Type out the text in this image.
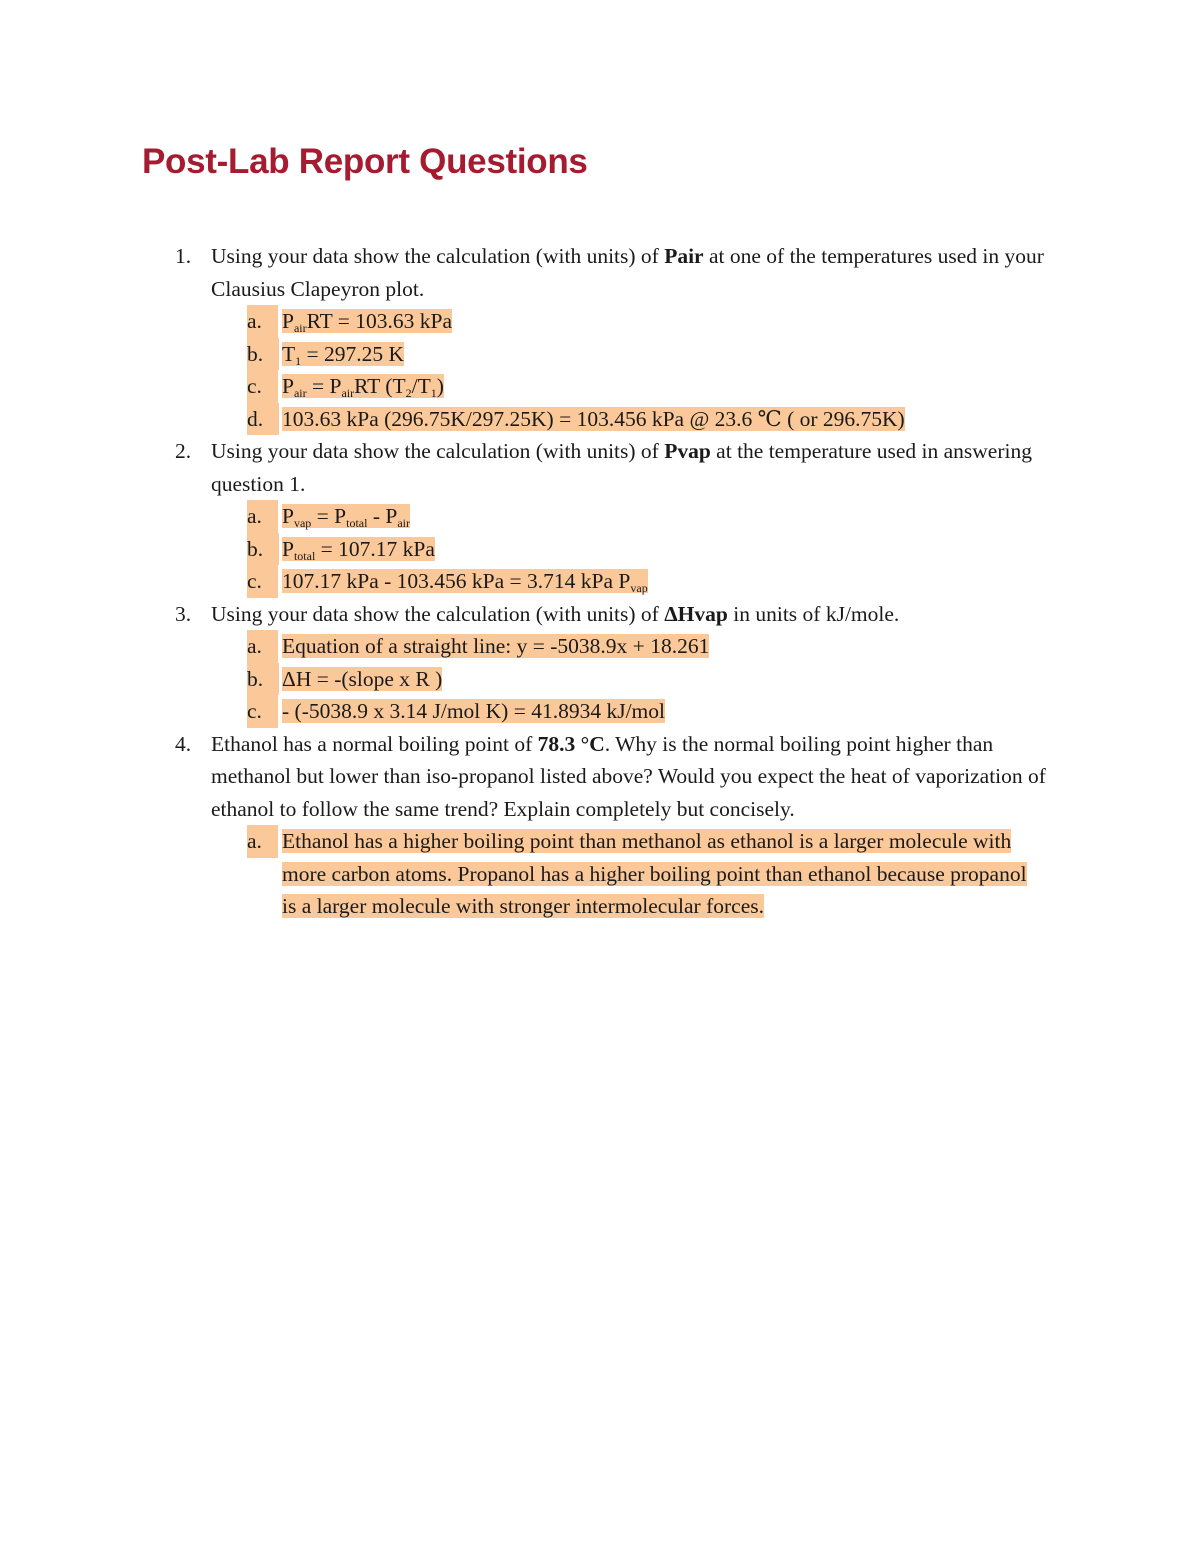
Post-Lab Report Questions
1. Using your data show the calculation (with units) of Pair at one of the temperatures used in your Clausius Clapeyron plot.
a. $P_{air}RT = 103.63$ kPa
b. $T_1 = 297.25$ K
c. $P_{air} = P_{air}RT$ $(T_2/T_1)$
d. 103.63 kPa (296.75K/297.25K) = 103.456 kPa @ 23.6 ℃ ( or 296.75K)
2. Using your data show the calculation (with units) of Pvap at the temperature used in answering question 1.
a. $P_{vap} = P_{total} - P_{air}$
b. $P_{total} = 107.17$ kPa
c. 107.17 kPa - 103.456 kPa = 3.714 kPa $P_{vap}$
3. Using your data show the calculation (with units) of ΔHvap in units of kJ/mole.
a. Equation of a straight line: y = -5038.9x + 18.261
b. ΔH = -(slope x R )
c. - (-5038.9 x 3.14 J/mol K) = 41.8934 kJ/mol
4. Ethanol has a normal boiling point of 78.3 °C. Why is the normal boiling point higher than methanol but lower than iso-propanol listed above? Would you expect the heat of vaporization of ethanol to follow the same trend? Explain completely but concisely.
a. Ethanol has a higher boiling point than methanol as ethanol is a larger molecule with more carbon atoms. Propanol has a higher boiling point than ethanol because propanol is a larger molecule with stronger intermolecular forces.
